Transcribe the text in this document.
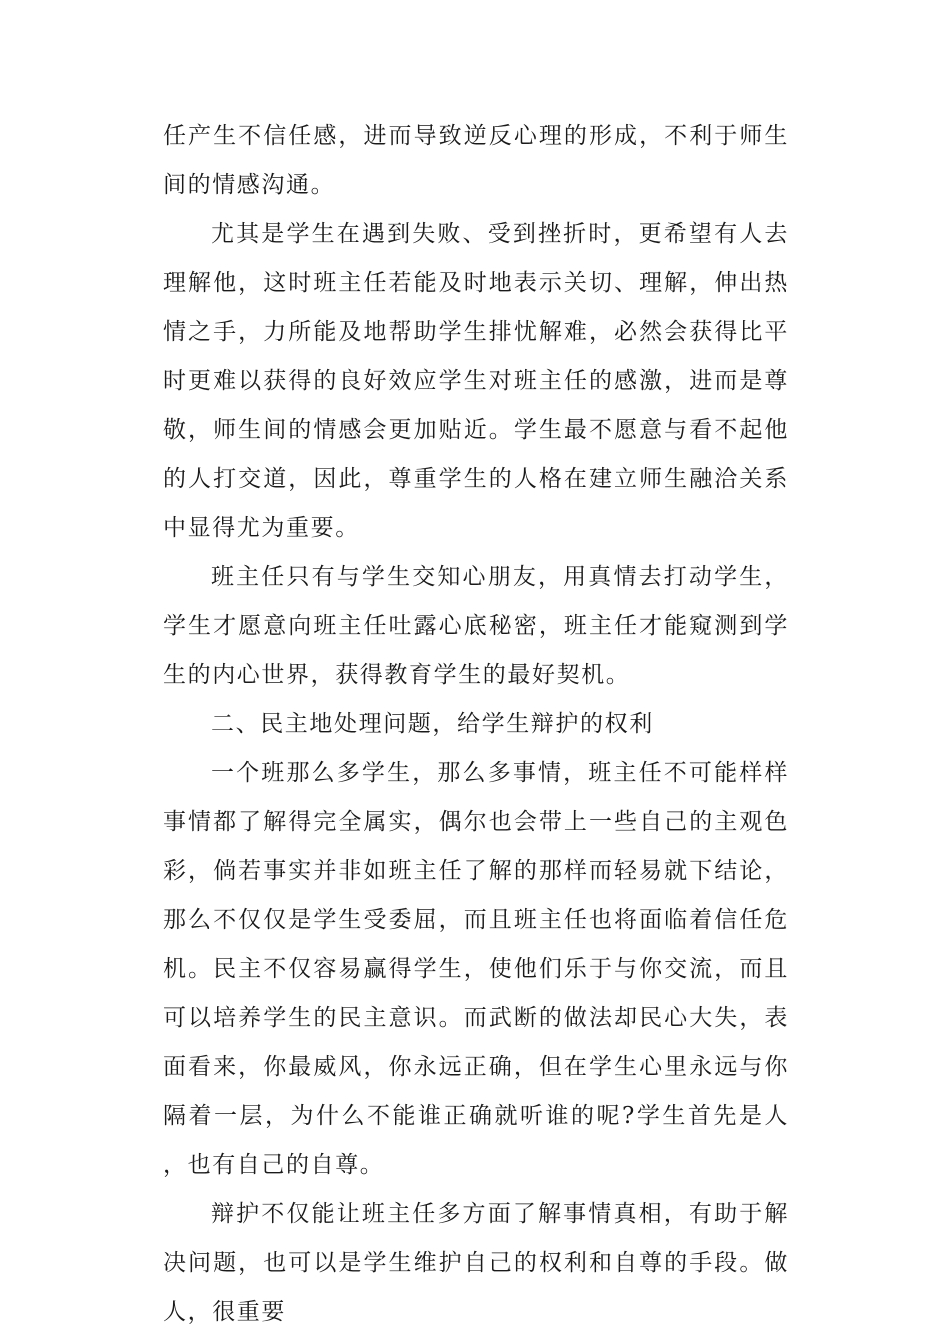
任产生不信任感，进而导致逆反心理的形成，不利于师生间的情感沟通。

尤其是学生在遇到失败、受到挫折时，更希望有人去理解他，这时班主任若能及时地表示关切、理解，伸出热情之手，力所能及地帮助学生排忧解难，必然会获得比平时更难以获得的良好效应学生对班主任的感激，进而是尊敬，师生间的情感会更加贴近。学生最不愿意与看不起他的人打交道，因此，尊重学生的人格在建立师生融洽关系中显得尤为重要。

班主任只有与学生交知心朋友，用真情去打动学生，学生才愿意向班主任吐露心底秘密，班主任才能窥测到学生的内心世界，获得教育学生的最好契机。

二、民主地处理问题，给学生辩护的权利

一个班那么多学生，那么多事情，班主任不可能样样事情都了解得完全属实，偶尔也会带上一些自己的主观色彩，倘若事实并非如班主任了解的那样而轻易就下结论，那么不仅仅是学生受委屈，而且班主任也将面临着信任危机。民主不仅容易赢得学生，使他们乐于与你交流，而且可以培养学生的民主意识。而武断的做法却民心大失，表面看来，你最威风，你永远正确，但在学生心里永远与你隔着一层，为什么不能谁正确就听谁的呢?学生首先是人，也有自己的自尊。

辩护不仅能让班主任多方面了解事情真相，有助于解决问题，也可以是学生维护自己的权利和自尊的手段。做人，很重要
